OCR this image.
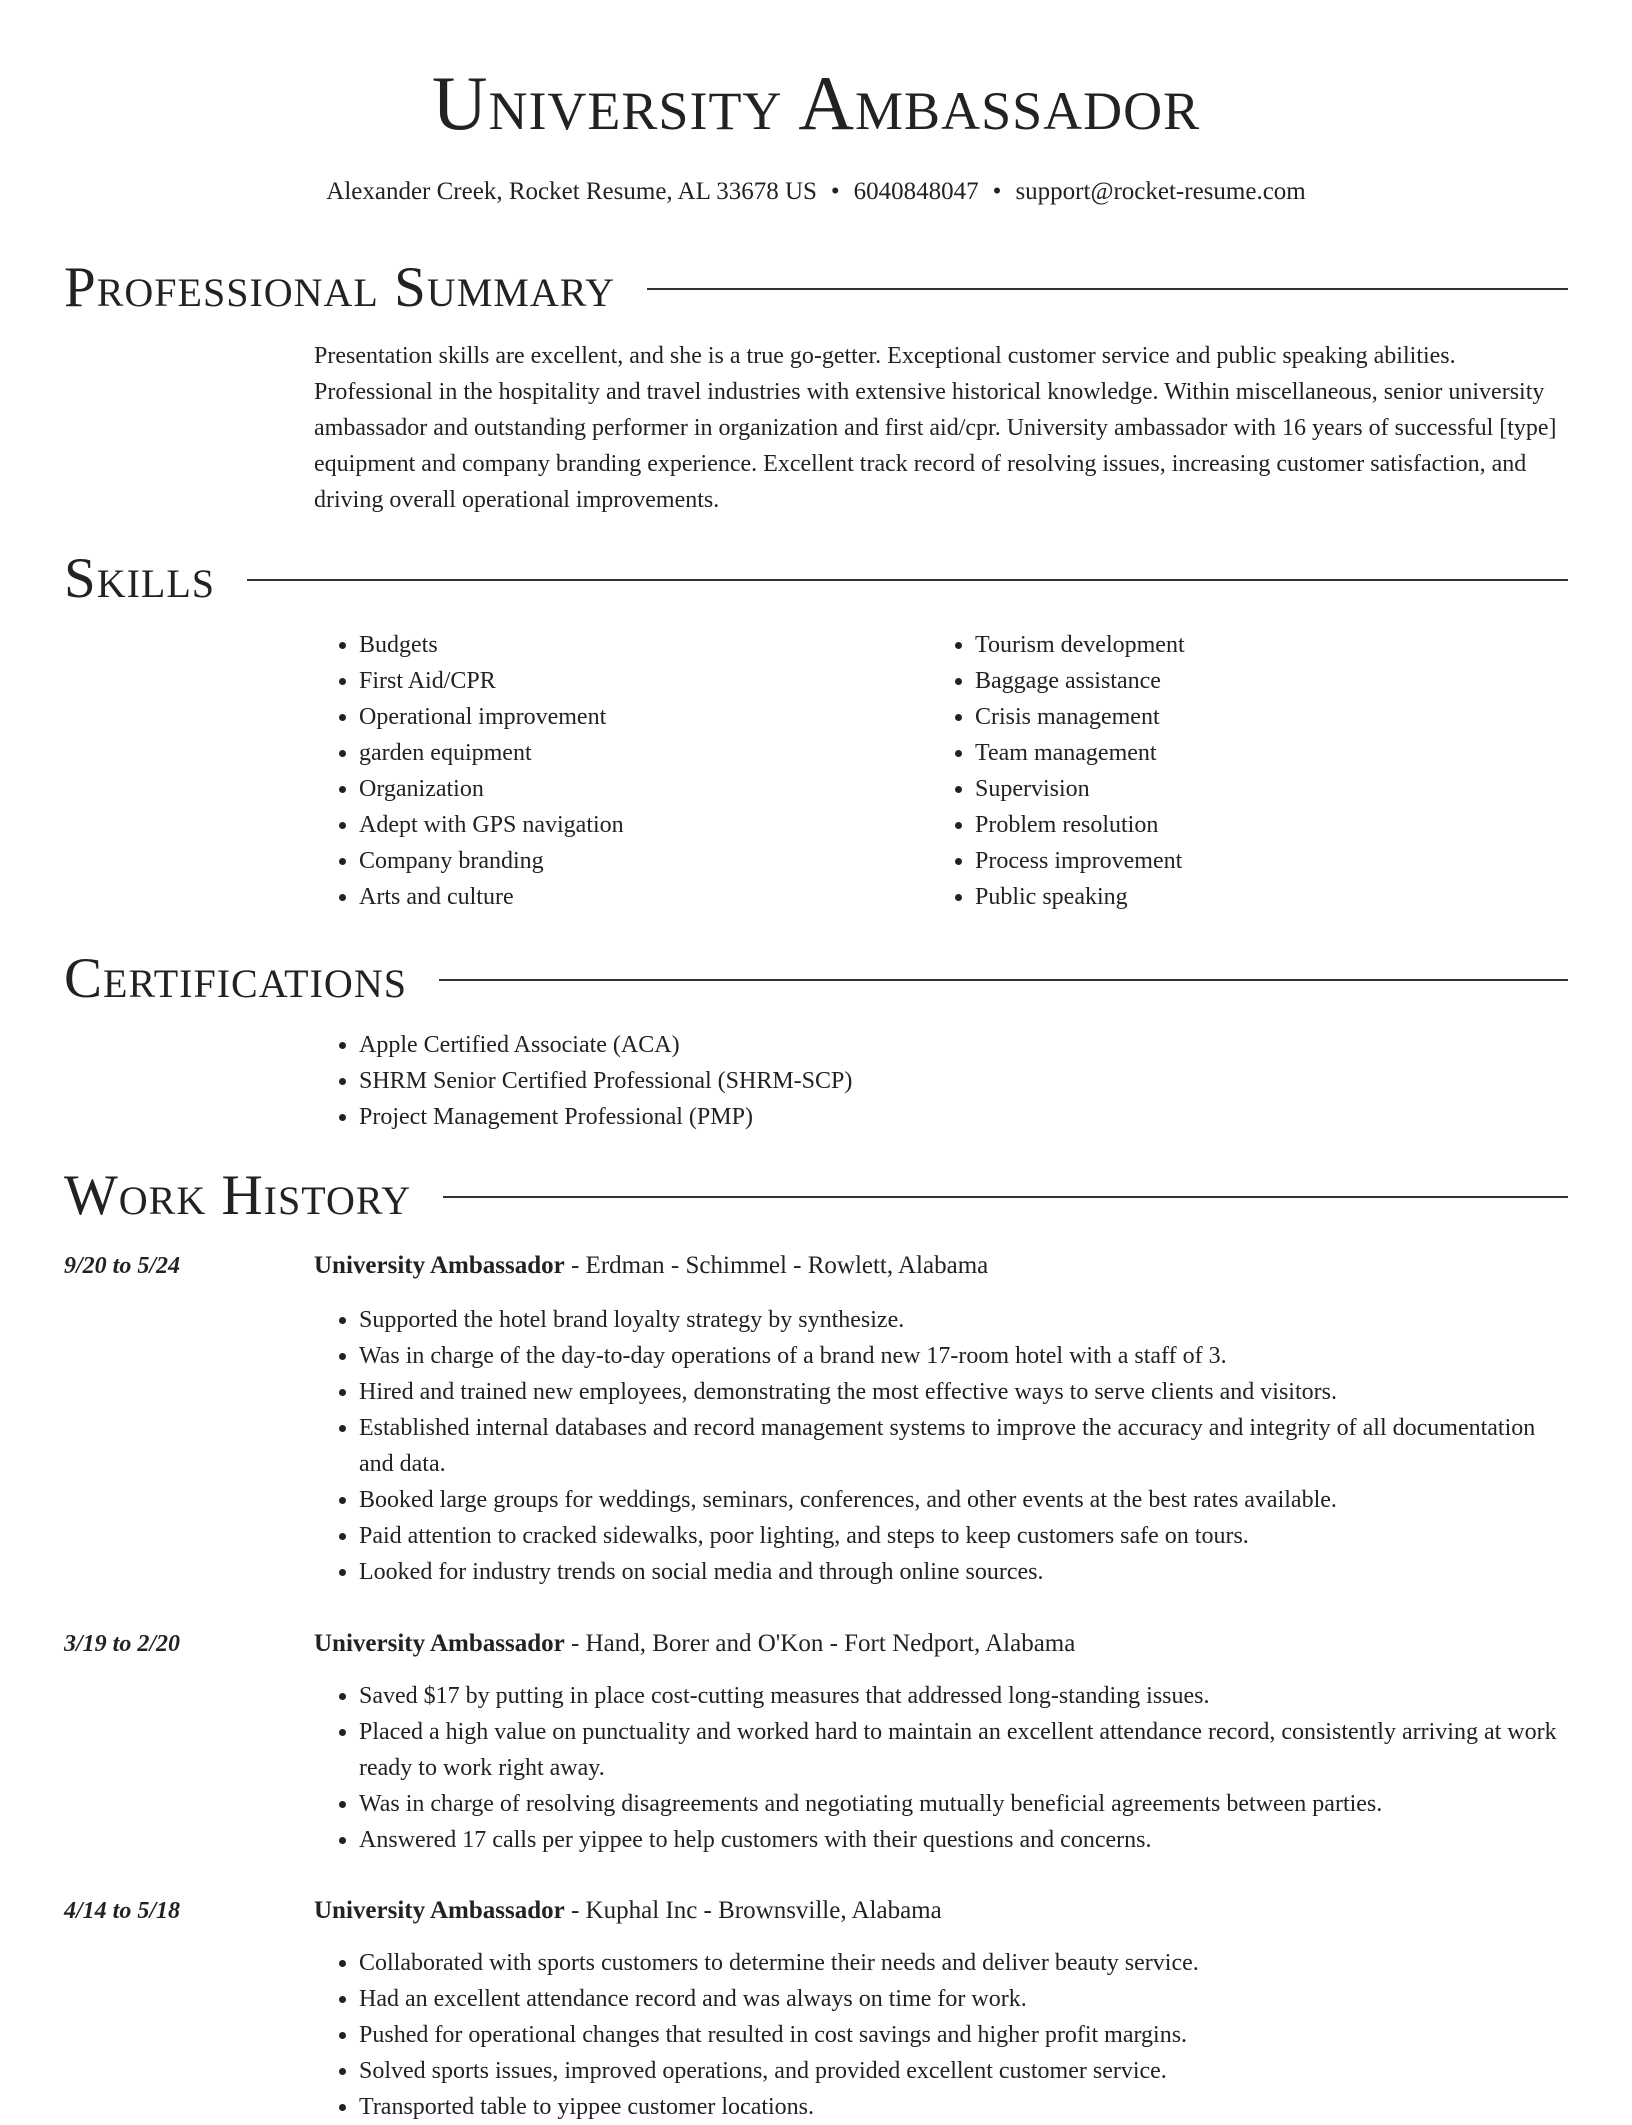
University Ambassador
Alexander Creek, Rocket Resume, AL 33678 US • 6040848047 • support@rocket-resume.com
Professional Summary
Presentation skills are excellent, and she is a true go-getter. Exceptional customer service and public speaking abilities. Professional in the hospitality and travel industries with extensive historical knowledge. Within miscellaneous, senior university ambassador and outstanding performer in organization and first aid/cpr. University ambassador with 16 years of successful [type] equipment and company branding experience. Excellent track record of resolving issues, increasing customer satisfaction, and driving overall operational improvements.
Skills
• Budgets
• First Aid/CPR
• Operational improvement
• garden equipment
• Organization
• Adept with GPS navigation
• Company branding
• Arts and culture
• Tourism development
• Baggage assistance
• Crisis management
• Team management
• Supervision
• Problem resolution
• Process improvement
• Public speaking
Certifications
• Apple Certified Associate (ACA)
• SHRM Senior Certified Professional (SHRM-SCP)
• Project Management Professional (PMP)
Work History
9/20 to 5/24	University Ambassador - Erdman - Schimmel - Rowlett, Alabama
• Supported the hotel brand loyalty strategy by synthesize.
• Was in charge of the day-to-day operations of a brand new 17-room hotel with a staff of 3.
• Hired and trained new employees, demonstrating the most effective ways to serve clients and visitors.
• Established internal databases and record management systems to improve the accuracy and integrity of all documentation and data.
• Booked large groups for weddings, seminars, conferences, and other events at the best rates available.
• Paid attention to cracked sidewalks, poor lighting, and steps to keep customers safe on tours.
• Looked for industry trends on social media and through online sources.
3/19 to 2/20	University Ambassador - Hand, Borer and O'Kon - Fort Nedport, Alabama
• Saved $17 by putting in place cost-cutting measures that addressed long-standing issues.
• Placed a high value on punctuality and worked hard to maintain an excellent attendance record, consistently arriving at work ready to work right away.
• Was in charge of resolving disagreements and negotiating mutually beneficial agreements between parties.
• Answered 17 calls per yippee to help customers with their questions and concerns.
4/14 to 5/18	University Ambassador - Kuphal Inc - Brownsville, Alabama
• Collaborated with sports customers to determine their needs and deliver beauty service.
• Had an excellent attendance record and was always on time for work.
• Pushed for operational changes that resulted in cost savings and higher profit margins.
• Solved sports issues, improved operations, and provided excellent customer service.
• Transported table to yippee customer locations.
